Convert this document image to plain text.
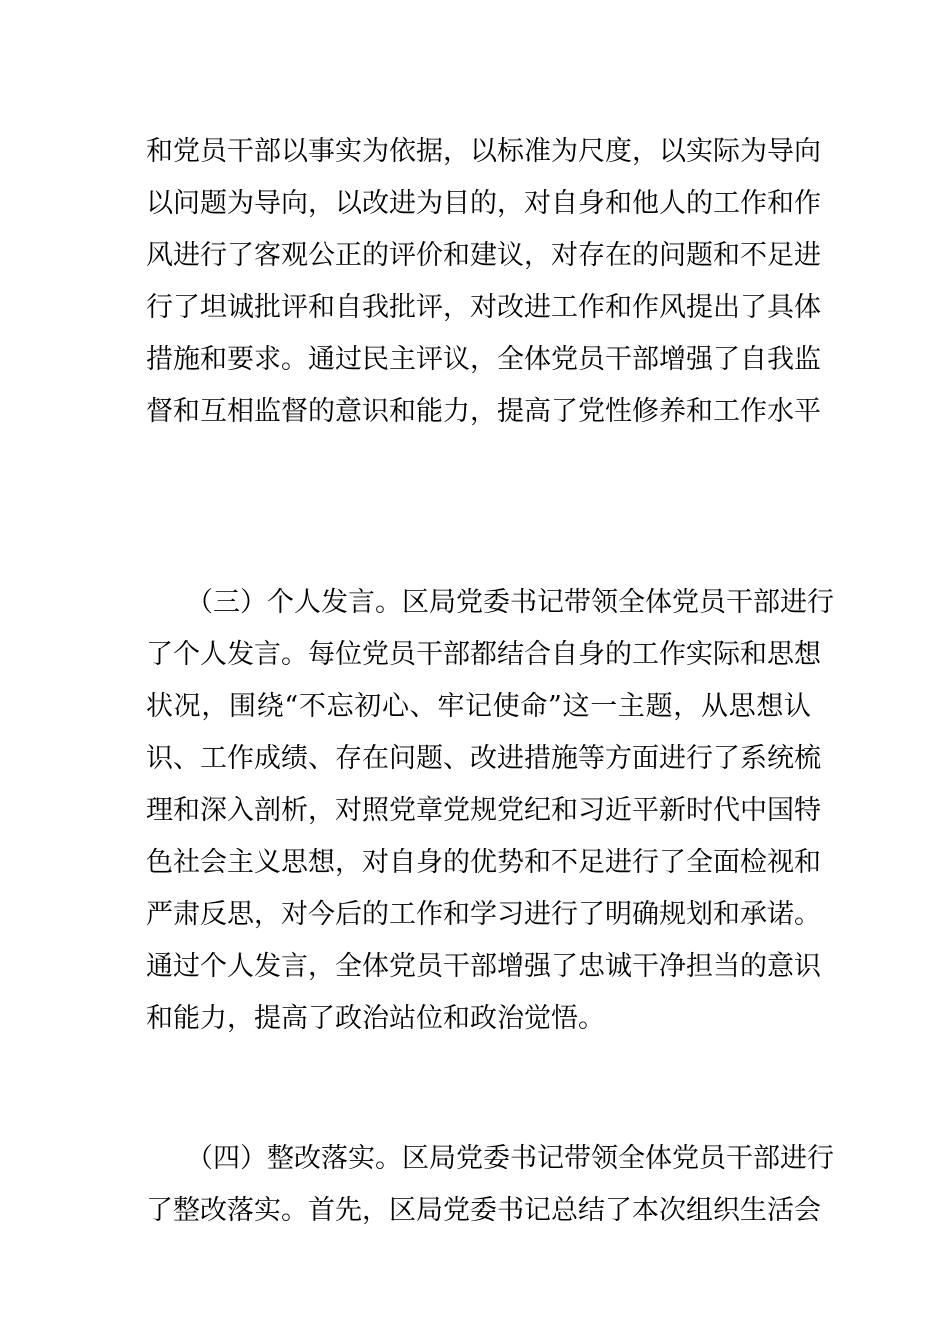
和党员干部以事实为依据，以标准为尺度，以实际为导向

以问题为导向，以改进为目的，对自身和他人的工作和作

风进行了客观公正的评价和建议，对存在的问题和不足进

行了坦诚批评和自我批评，对改进工作和作风提出了具体

措施和要求。通过民主评议，全体党员干部增强了自我监

督和互相监督的意识和能力，提高了党性修养和工作水平

（三）个人发言。区局党委书记带领全体党员干部进行

了个人发言。每位党员干部都结合自身的工作实际和思想

状况，围绕“不忘初心、牢记使命”这一主题，从思想认

识、工作成绩、存在问题、改进措施等方面进行了系统梳

理和深入剖析，对照党章党规党纪和习近平新时代中国特

色社会主义思想，对自身的优势和不足进行了全面检视和

严肃反思，对今后的工作和学习进行了明确规划和承诺。

通过个人发言，全体党员干部增强了忠诚干净担当的意识

和能力，提高了政治站位和政治觉悟。

（四）整改落实。区局党委书记带领全体党员干部进行

了整改落实。首先，区局党委书记总结了本次组织生活会
